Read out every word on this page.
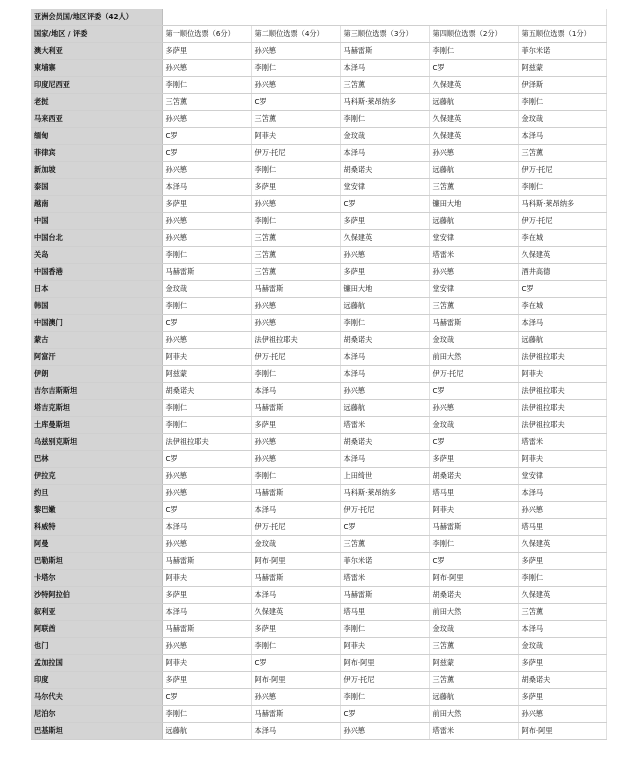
亚洲会员国/地区评委（42人）					
国家/地区 / 评委	第一顺位选票（6分）	第二顺位选票（4分）	第三顺位选票（3分）	第四顺位选票（2分）	第五顺位选票（1分）
澳大利亚	多萨里	孙兴慜	马赫雷斯	李刚仁	菲尔米诺
柬埔寨	孙兴慜	李刚仁	本泽马	C罗	阿兹蒙
印度尼西亚	李刚仁	孙兴慜	三笘薰	久保建英	伊泽斯
老挝	三笘薰	C罗	马科斯·莱昂纳多	远藤航	李刚仁
马来西亚	孙兴慜	三笘薰	李刚仁	久保建英	金玟哉
缅甸	C罗	阿菲夫	金玟哉	久保建英	本泽马
菲律宾	C罗	伊万·托尼	本泽马	孙兴慜	三笘薰
新加坡	孙兴慜	李刚仁	胡桑诺夫	远藤航	伊万·托尼
泰国	本泽马	多萨里	堂安律	三笘薰	李刚仁
越南	多萨里	孙兴慜	C罗	镰田大地	马科斯·莱昂纳多
中国	孙兴慜	李刚仁	多萨里	远藤航	伊万·托尼
中国台北	孙兴慜	三笘薰	久保建英	堂安律	李在城
关岛	李刚仁	三笘薰	孙兴慜	塔雷米	久保建英
中国香港	马赫雷斯	三笘薰	多萨里	孙兴慜	酒井高德
日本	金玟哉	马赫雷斯	镰田大地	堂安律	C罗
韩国	李刚仁	孙兴慜	远藤航	三笘薰	李在城
中国澳门	C罗	孙兴慜	李刚仁	马赫雷斯	本泽马
蒙古	孙兴慜	法伊祖拉耶夫	胡桑诺夫	金玟哉	远藤航
阿富汗	阿菲夫	伊万·托尼	本泽马	前田大然	法伊祖拉耶夫
伊朗	阿兹蒙	李刚仁	本泽马	伊万·托尼	阿菲夫
吉尔吉斯斯坦	胡桑诺夫	本泽马	孙兴慜	C罗	法伊祖拉耶夫
塔吉克斯坦	李刚仁	马赫雷斯	远藤航	孙兴慜	法伊祖拉耶夫
土库曼斯坦	李刚仁	多萨里	塔雷米	金玟哉	法伊祖拉耶夫
乌兹别克斯坦	法伊祖拉耶夫	孙兴慜	胡桑诺夫	C罗	塔雷米
巴林	C罗	孙兴慜	本泽马	多萨里	阿菲夫
伊拉克	孙兴慜	李刚仁	上田绮世	胡桑诺夫	堂安律
约旦	孙兴慜	马赫雷斯	马科斯·莱昂纳多	塔马里	本泽马
黎巴嫩	C罗	本泽马	伊万·托尼	阿菲夫	孙兴慜
科威特	本泽马	伊万·托尼	C罗	马赫雷斯	塔马里
阿曼	孙兴慜	金玟哉	三笘薰	李刚仁	久保建英
巴勒斯坦	马赫雷斯	阿布·阿里	菲尔米诺	C罗	多萨里
卡塔尔	阿菲夫	马赫雷斯	塔雷米	阿布·阿里	李刚仁
沙特阿拉伯	多萨里	本泽马	马赫雷斯	胡桑诺夫	久保建英
叙利亚	本泽马	久保建英	塔马里	前田大然	三笘薰
阿联酋	马赫雷斯	多萨里	李刚仁	金玟哉	本泽马
也门	孙兴慜	李刚仁	阿菲夫	三笘薰	金玟哉
孟加拉国	阿菲夫	C罗	阿布·阿里	阿兹蒙	多萨里
印度	多萨里	阿布·阿里	伊万·托尼	三笘薰	胡桑诺夫
马尔代夫	C罗	孙兴慜	李刚仁	远藤航	多萨里
尼泊尔	李刚仁	马赫雷斯	C罗	前田大然	孙兴慜
巴基斯坦	远藤航	本泽马	孙兴慜	塔雷米	阿布·阿里
